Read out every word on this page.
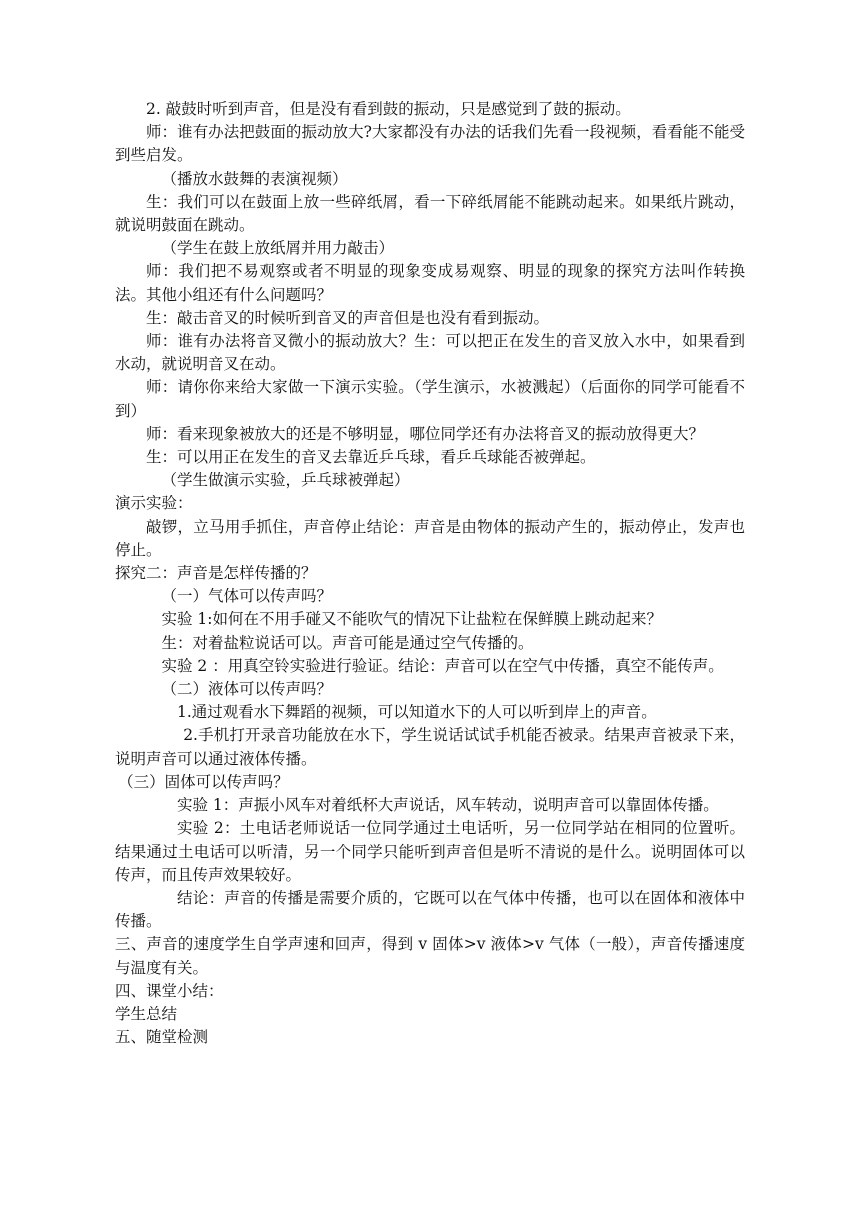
2. 敲鼓时听到声音，但是没有看到鼓的振动，只是感觉到了鼓的振动。

师：谁有办法把鼓面的振动放大?大家都没有办法的话我们先看一段视频，看看能不能受到些启发。

（播放水鼓舞的表演视频）

生：我们可以在鼓面上放一些碎纸屑，看一下碎纸屑能不能跳动起来。如果纸片跳动，就说明鼓面在跳动。

（学生在鼓上放纸屑并用力敲击）

师：我们把不易观察或者不明显的现象变成易观察、明显的现象的探究方法叫作转换法。其他小组还有什么问题吗？

生：敲击音叉的时候听到音叉的声音但是也没有看到振动。

师：谁有办法将音叉微小的振动放大？生：可以把正在发生的音叉放入水中，如果看到水动，就说明音叉在动。

师：请你你来给大家做一下演示实验。（学生演示，水被溅起）（后面你的同学可能看不到）

师：看来现象被放大的还是不够明显，哪位同学还有办法将音叉的振动放得更大？

生：可以用正在发生的音叉去靠近乒乓球，看乒乓球能否被弹起。

（学生做演示实验，乒乓球被弹起）

演示实验：

敲锣，立马用手抓住，声音停止结论：声音是由物体的振动产生的，振动停止，发声也停止。

探究二：声音是怎样传播的？

（一）气体可以传声吗？

实验 1:如何在不用手碰又不能吹气的情况下让盐粒在保鲜膜上跳动起来？

生：对着盐粒说话可以。声音可能是通过空气传播的。

实验 2 ：用真空铃实验进行验证。结论：声音可以在空气中传播，真空不能传声。

（二）液体可以传声吗？

1.通过观看水下舞蹈的视频，可以知道水下的人可以听到岸上的声音。

2.手机打开录音功能放在水下，学生说话试试手机能否被录。结果声音被录下来，说明声音可以通过液体传播。

（三）固体可以传声吗？

实验 1：声振小风车对着纸杯大声说话，风车转动，说明声音可以靠固体传播。

实验 2：土电话老师说话一位同学通过土电话听，另一位同学站在相同的位置听。结果通过土电话可以听清，另一个同学只能听到声音但是听不清说的是什么。说明固体可以传声，而且传声效果较好。

结论：声音的传播是需要介质的，它既可以在气体中传播，也可以在固体和液体中传播。

三、声音的速度学生自学声速和回声，得到 v 固体>v 液体>v 气体（一般），声音传播速度与温度有关。

四、课堂小结：

学生总结

五、随堂检测
